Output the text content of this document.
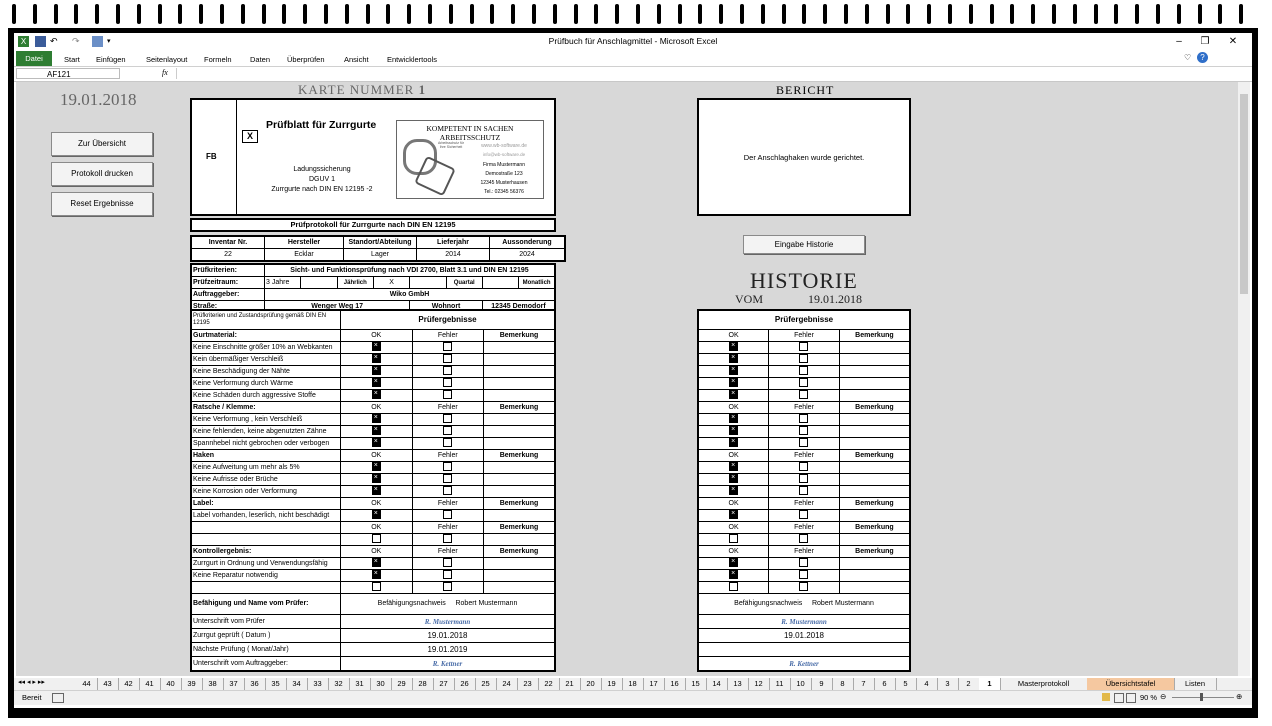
X	↶	↷	▾	Prüfbuch für Anschlagmittel - Microsoft Excel	–	❐	✕
Datei	Start Einfügen	Seitenlayout Formeln Daten Überprüfen	Ansicht Entwicklertools	♡	?
AF121	fx
19.01.2018
Zur Übersicht
Protokoll drucken
Reset Ergebnisse
KARTE NUMMER 1
FB
X
Prüfblatt für Zurrgurte
Ladungssicherung
DGUV 1
Zurrgurte nach DIN EN 12195 -2
KOMPETENT IN SACHEN ARBEITSSCHUTZ
Arbeitsschutz für Ihre Sicherheit	www.wb-software.de
info@wb-software.de
Firma Mustermann
Demostraße 123
12345 Musterhausen
Tel.: 02345 56376
Prüfprotokoll für Zurrgurte nach DIN EN 12195
Inventar Nr.	Hersteller	Standort/Abteilung	Lieferjahr	Aussonderung
22	Ecklar	Lager	2014	2024
Prüfkriterien:	Sicht- und Funktionsprüfung nach VDI 2700, Blatt 3.1 und DIN EN 12195							
Prüfzeitraum:	3 Jahre		Jährlich	X		Quartal		Monatlich
Auftraggeber:	Wiko GmbH							
Straße:	Wenger Weg 17				Wohnort		12345 Demodorf	
Prüfkriterien und Zustandsprüfung gemäß DIN EN 12195	Prüfergebnisse		
Gurtmaterial:	OK	Fehler	Bemerkung
Keine Einschnitte größer 10% an Webkanten	×		
Kein übermäßiger Verschleiß	×		
Keine Beschädigung der Nähte	×		
Keine Verformung durch Wärme	×		
Keine Schäden durch aggressive Stoffe	×		
Ratsche / Klemme:	OK	Fehler	Bemerkung
Keine Verformung , kein Verschleiß	×		
Keine fehlenden, keine abgenutzten Zähne	×		
Spannhebel nicht gebrochen oder verbogen	×		
Haken	OK	Fehler	Bemerkung
Keine Aufweitung um mehr als 5%	×		
Keine Aufrisse oder Brüche	×		
Keine Korrosion oder Verformung	×		
Label:	OK	Fehler	Bemerkung
Label vorhanden, leserlich, nicht beschädigt	×		
	OK	Fehler	Bemerkung

Kontrollergebnis:	OK	Fehler	Bemerkung
Zurrgurt in Ordnung und Verwendungsfähig	×		
Keine Reparatur notwendig	×		

Befähigung und Name vom Prüfer:	Befähigungsnachweis     Robert Mustermann		
Unterschrift vom Prüfer	R. Mustermann		
Zurrgut geprüft ( Datum )	19.01.2018		
Nächste Prüfung ( Monat/Jahr)	19.01.2019		
Unterschrift vom Auftraggeber:	R. Kettner		
BERICHT
Der Anschlaghaken wurde gerichtet.
Eingabe Historie
HISTORIE
VOM	19.01.2018
Prüfergebnisse		
OK	Fehler	Bemerkung
×		
×		
×		
×		
×		
OK	Fehler	Bemerkung
×		
×		
×		
OK	Fehler	Bemerkung
×		
×		
×		
OK	Fehler	Bemerkung
×		
OK	Fehler	Bemerkung

OK	Fehler	Bemerkung
×		
×		

Befähigungsnachweis     Robert Mustermann		
R. Mustermann		
19.01.2018		

R. Kettner		
◂◂ ◂ ▸ ▸▸	44	43	42	41	40	39	38	37	36	35	34	33	32	31	30	29	28	27	26	25	24	23	22	21	20	19	18	17	16	15	14	13	12	11	10	9	8	7	6	5	4	3	2	1	Masterprotokoll	Übersichtstafel	Listen
Bereit	90 % ⊖	⊕
